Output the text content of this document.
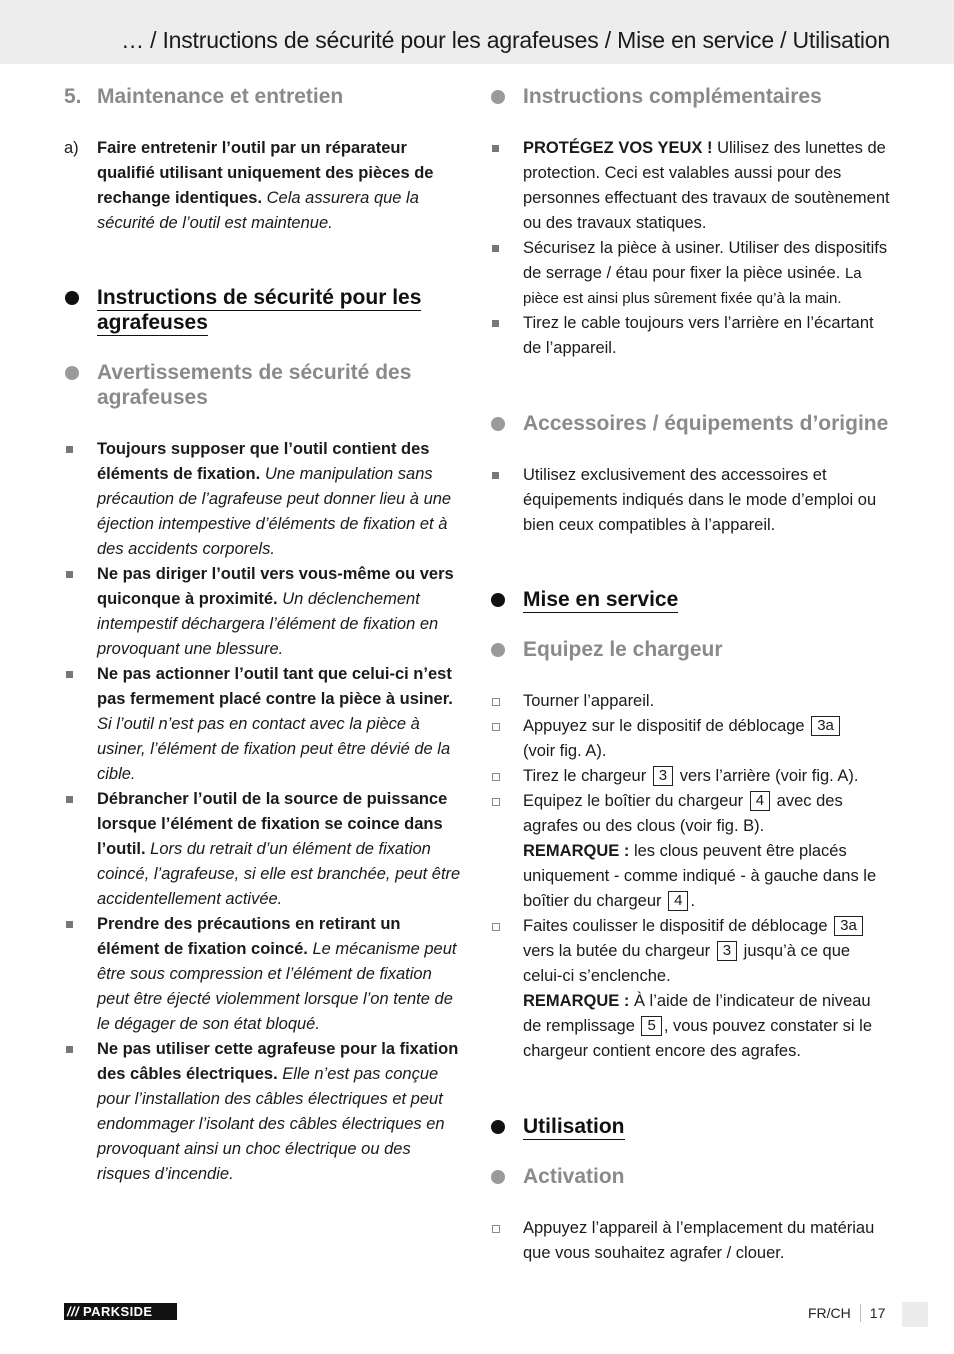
… / Instructions de sécurité pour les agrafeuses / Mise en service / Utilisation
5. Maintenance et entretien
a) Faire entretenir l’outil par un réparateur qualifié utilisant uniquement des pièces de rechange identiques. Cela assurera que la sécurité de l’outil est maintenue.
Instructions de sécurité pour les agrafeuses
Avertissements de sécurité des agrafeuses
Toujours supposer que l’outil contient des éléments de fixation. Une manipulation sans précaution de l’agrafeuse peut donner lieu à une éjection intempestive d’éléments de fixation et à des accidents corporels.
Ne pas diriger l’outil vers vous-même ou vers quiconque à proximité. Un déclenchement intempestif déchargera l’élément de fixation en provoquant une blessure.
Ne pas actionner l’outil tant que celui-ci n’est pas fermement placé contre la pièce à usiner. Si l’outil n’est pas en contact avec la pièce à usiner, l’élément de fixation peut être dévié de la cible.
Débrancher l’outil de la source de puissance lorsque l’élément de fixation se coince dans l’outil. Lors du retrait d’un élément de fixation coincé, l’agrafeuse, si elle est branchée, peut être accidentellement activée.
Prendre des précautions en retirant un élément de fixation coincé. Le mécanisme peut être sous compression et l’élément de fixation peut être éjecté violemment lorsque l’on tente de le dégager de son état bloqué.
Ne pas utiliser cette agrafeuse pour la fixation des câbles électriques. Elle n’est pas conçue pour l’installation des câbles électriques et peut endommager l’isolant des câbles électriques en provoquant ainsi un choc électrique ou des risques d’incendie.
Instructions complémentaires
PROTÉGEZ VOS YEUX ! Ulilisez des lunettes de protection. Ceci est valables aussi pour des personnes effectuant des travaux de soutènement ou des travaux statiques.
Sécurisez la pièce à usiner. Utiliser des dispositifs de serrage / étau pour fixer la pièce usinée. La pièce est ainsi plus sûrement fixée qu’à la main.
Tirez le cable toujours vers l’arrière en l’écartant de l’appareil.
Accessoires / équipements d’origine
Utilisez exclusivement des accessoires et équipements indiqués dans le mode d’emploi ou bien ceux compatibles à l’appareil.
Mise en service
Equipez le chargeur
Tourner l’appareil.
Appuyez sur le dispositif de déblocage 3a
(voir fig. A).
Tirez le chargeur 3 vers l’arrière (voir fig. A).
Equipez le boîtier du chargeur 4 avec des agrafes ou des clous (voir fig. B).
REMARQUE : les clous peuvent être placés uniquement - comme indiqué - à gauche dans le boîtier du chargeur 4 .
Faites coulisser le dispositif de déblocage 3a vers la butée du chargeur 3 jusqu’à ce que celui-ci s’enclenche.
REMARQUE : À l’aide de l’indicateur de niveau de remplissage 5 , vous pouvez constater si le chargeur contient encore des agrafes.
Utilisation
Activation
Appuyez l’appareil à l’emplacement du matériau que vous souhaitez agrafer / clouer.
/// PARKSIDE	FR/CH 17
